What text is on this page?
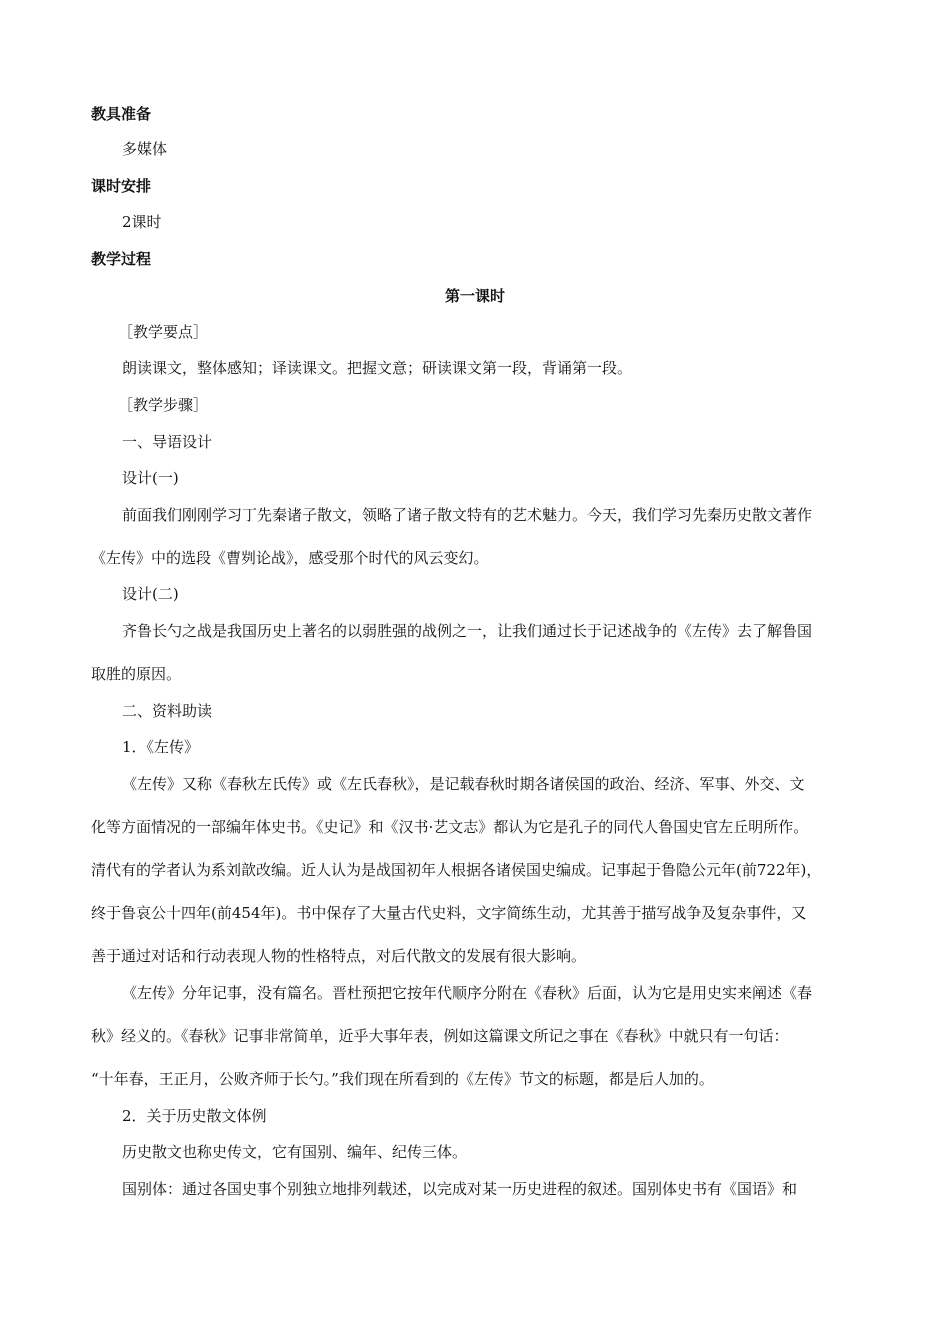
教具准备
多媒体
课时安排
2课时
教学过程
第一课时
［教学要点］
朗读课文，整体感知；译读课文。把握文意；研读课文第一段，背诵第一段。
［教学步骤］
一、导语设计
设计(一)
前面我们刚刚学习丁先秦诸子散文，领略了诸子散文特有的艺术魅力。今天，我们学习先秦历史散文著作
《左传》中的选段《曹刿论战》，感受那个时代的风云变幻。
设计(二)
齐鲁长勺之战是我国历史上著名的以弱胜强的战例之一，让我们通过长于记述战争的《左传》去了解鲁国
取胜的原因。
二、资料助读
1．《左传》
《左传》又称《春秋左氏传》或《左氏春秋》，是记载春秋时期各诸侯国的政治、经济、军事、外交、文
化等方面情况的一部编年体史书。《史记》和《汉书·艺文志》都认为它是孔子的同代人鲁国史官左丘明所作。
清代有的学者认为系刘歆改编。近人认为是战国初年人根据各诸侯国史编成。记事起于鲁隐公元年(前722年)，
终于鲁哀公十四年(前454年)。书中保存了大量古代史料，文字简练生动，尤其善于描写战争及复杂事件，又
善于通过对话和行动表现人物的性格特点，对后代散文的发展有很大影响。
《左传》分年记事，没有篇名。晋杜预把它按年代顺序分附在《春秋》后面，认为它是用史实来阐述《春
秋》经义的。《春秋》记事非常简单，近乎大事年表，例如这篇课文所记之事在《春秋》中就只有一句话：
“十年春，王正月，公败齐师于长勺。”我们现在所看到的《左传》节文的标题，都是后人加的。
2．关于历史散文体例
历史散文也称史传文，它有国别、编年、纪传三体。
国别体：通过各国史事个别独立地排列载述，以完成对某一历史进程的叙述。国别体史书有《国语》和
